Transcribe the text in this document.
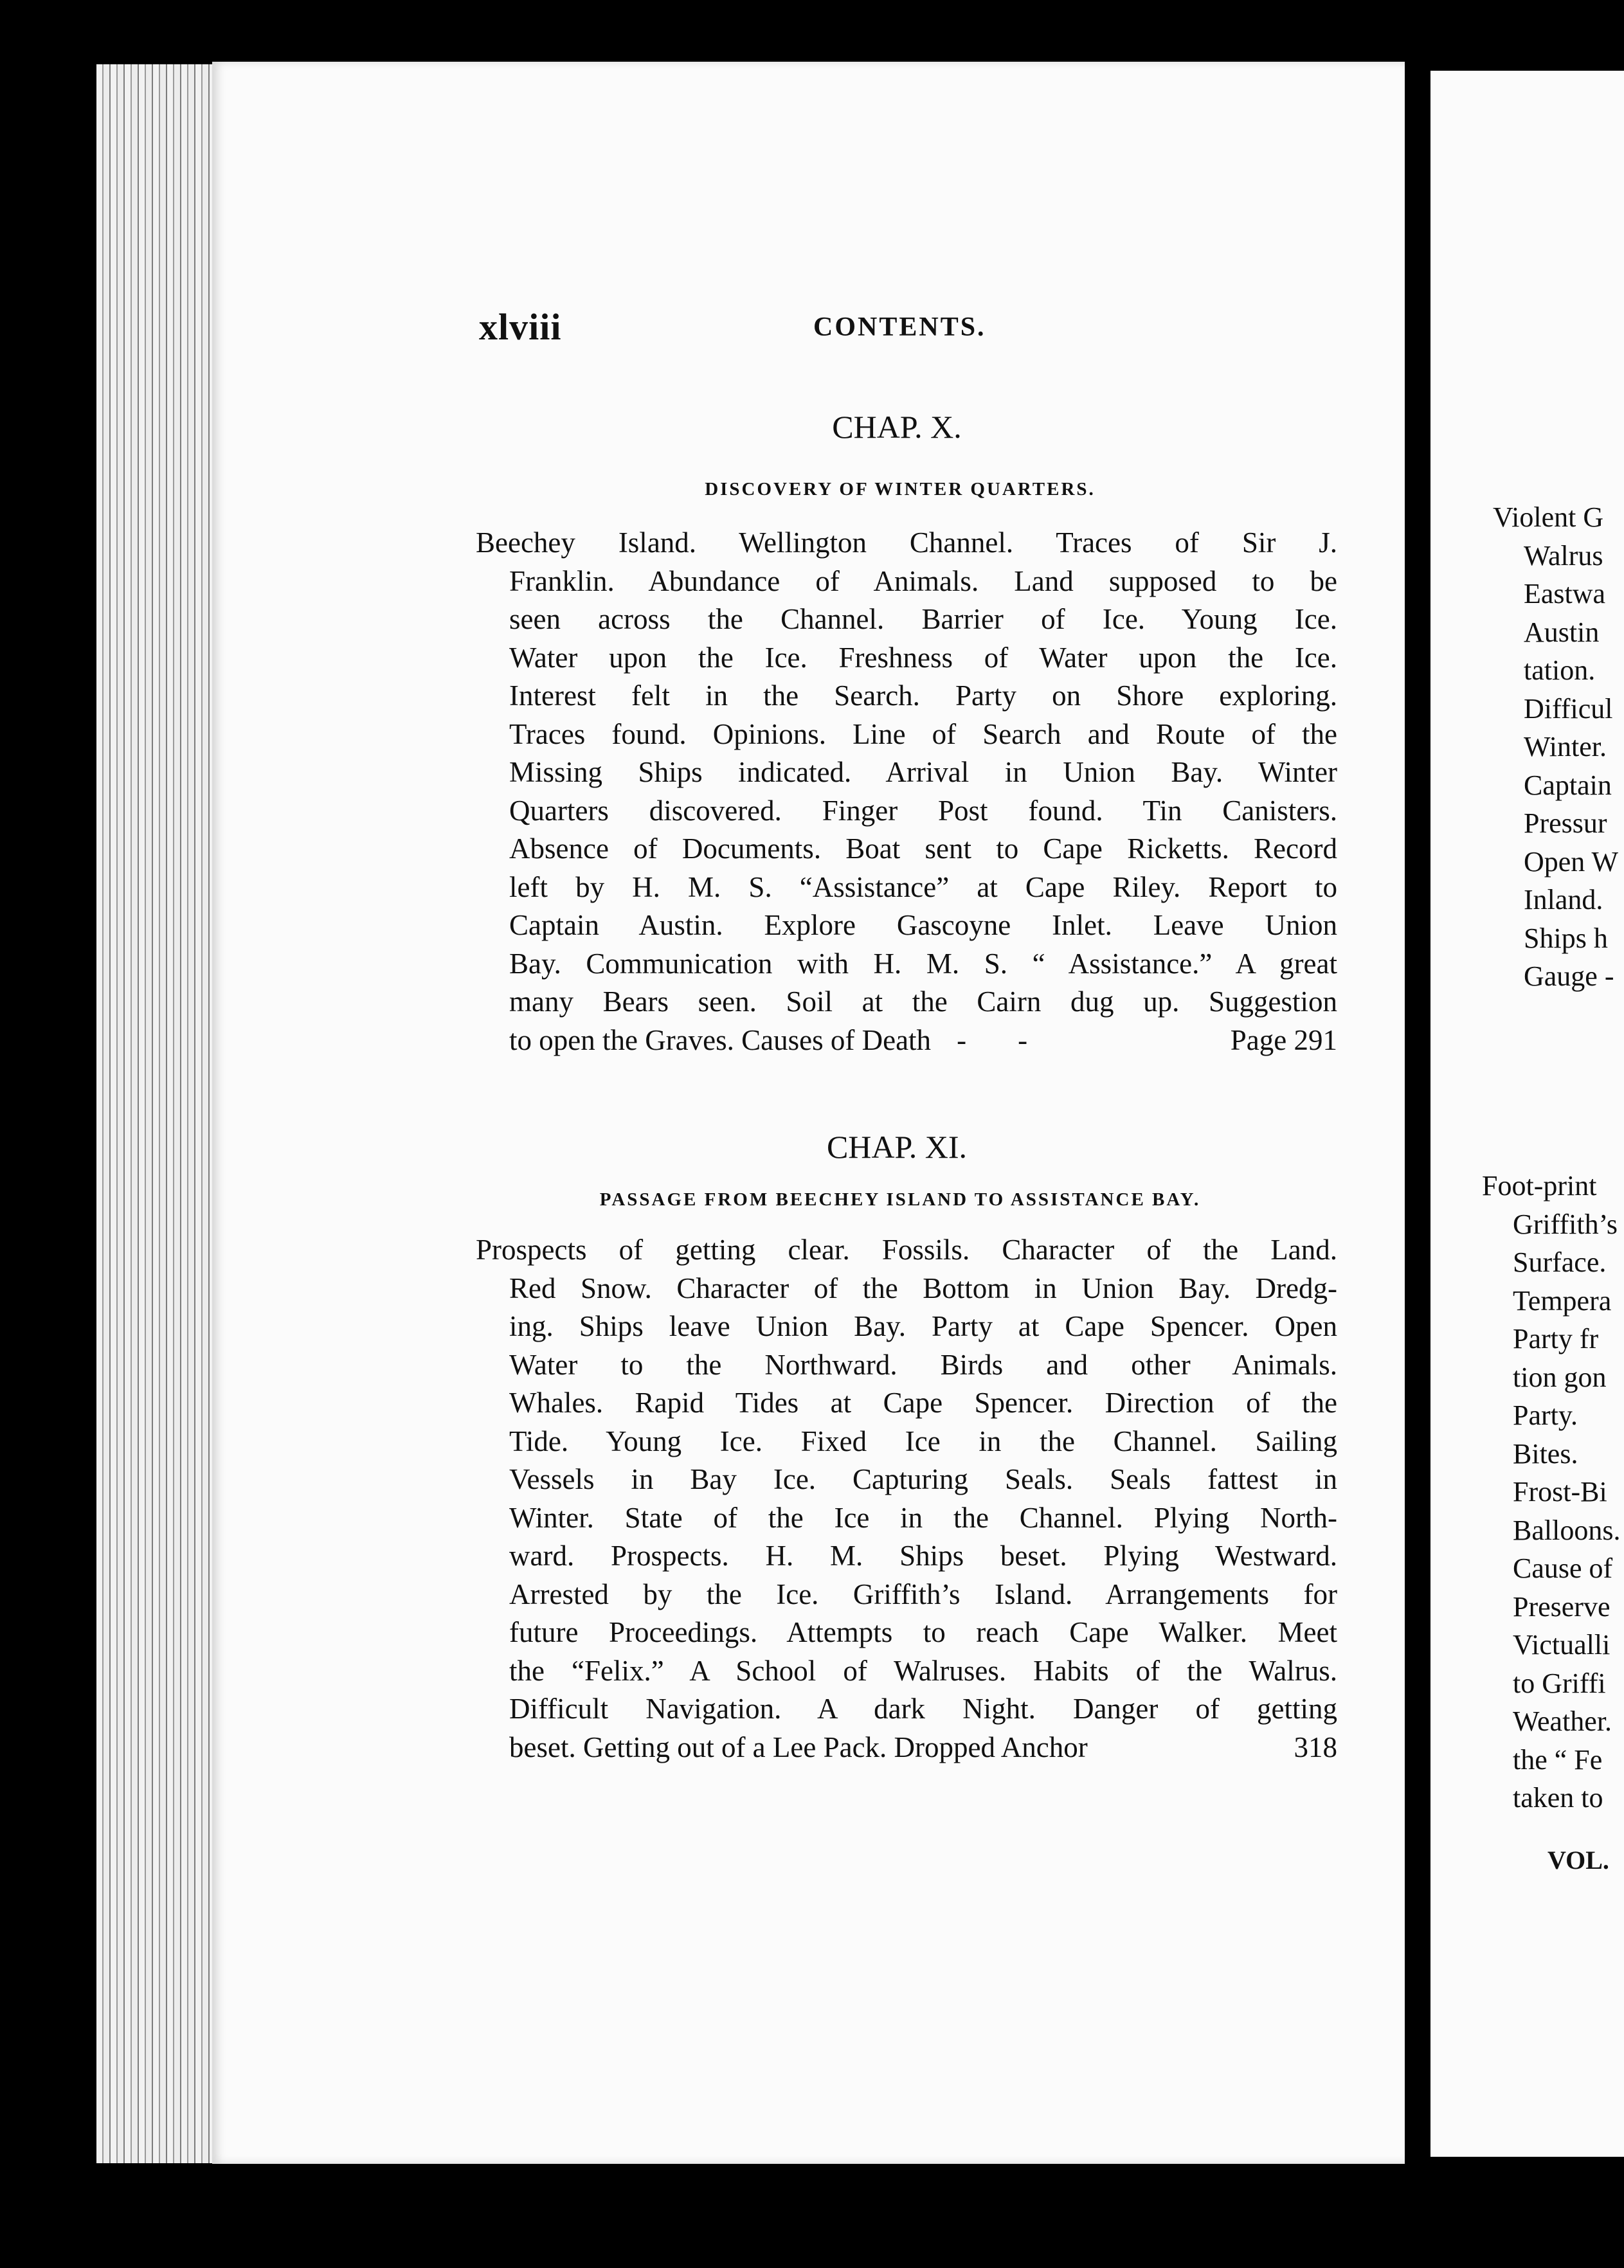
xlviii	CONTENTS.
CHAP. X.
DISCOVERY OF WINTER QUARTERS.
Beechey Island. Wellington Channel. Traces of Sir J.
Franklin. Abundance of Animals. Land supposed to be
seen across the Channel. Barrier of Ice. Young Ice.
Water upon the Ice. Freshness of Water upon the Ice.
Interest felt in the Search. Party on Shore exploring.
Traces found. Opinions. Line of Search and Route of the
Missing Ships indicated. Arrival in Union Bay. Winter
Quarters discovered. Finger Post found. Tin Canisters.
Absence of Documents. Boat sent to Cape Ricketts. Record
left by H. M. S. “Assistance” at Cape Riley. Report to
Captain Austin. Explore Gascoyne Inlet. Leave Union
Bay. Communication with H. M. S. “ Assistance.” A great
many Bears seen. Soil at the Cairn dug up. Suggestion
to open the Graves. Causes of Death - -	Page 291
CHAP. XI.
PASSAGE FROM BEECHEY ISLAND TO ASSISTANCE BAY.
Prospects of getting clear. Fossils. Character of the Land.
Red Snow. Character of the Bottom in Union Bay. Dredg-
ing. Ships leave Union Bay. Party at Cape Spencer. Open
Water to the Northward. Birds and other Animals.
Whales. Rapid Tides at Cape Spencer. Direction of the
Tide. Young Ice. Fixed Ice in the Channel. Sailing
Vessels in Bay Ice. Capturing Seals. Seals fattest in
Winter. State of the Ice in the Channel. Plying North-
ward. Prospects. H. M. Ships beset. Plying Westward.
Arrested by the Ice. Griffith’s Island. Arrangements for
future Proceedings. Attempts to reach Cape Walker. Meet
the “Felix.” A School of Walruses. Habits of the Walrus.
Difficult Navigation. A dark Night. Danger of getting
beset. Getting out of a Lee Pack. Dropped Anchor	318
Violent G
Walrus
Eastwa
Austin
tation.
Difficul
Winter.
Captain
Pressur
Open W
Inland.
Ships h
Gauge -
Foot-print
Griffith’s
Surface.
Tempera
Party fr
tion gon
Party.
Bites.
Frost-Bi
Balloons.
Cause of
Preserve
Victualli
to Griffi
Weather.
the “ Fe
taken to
VOL.
